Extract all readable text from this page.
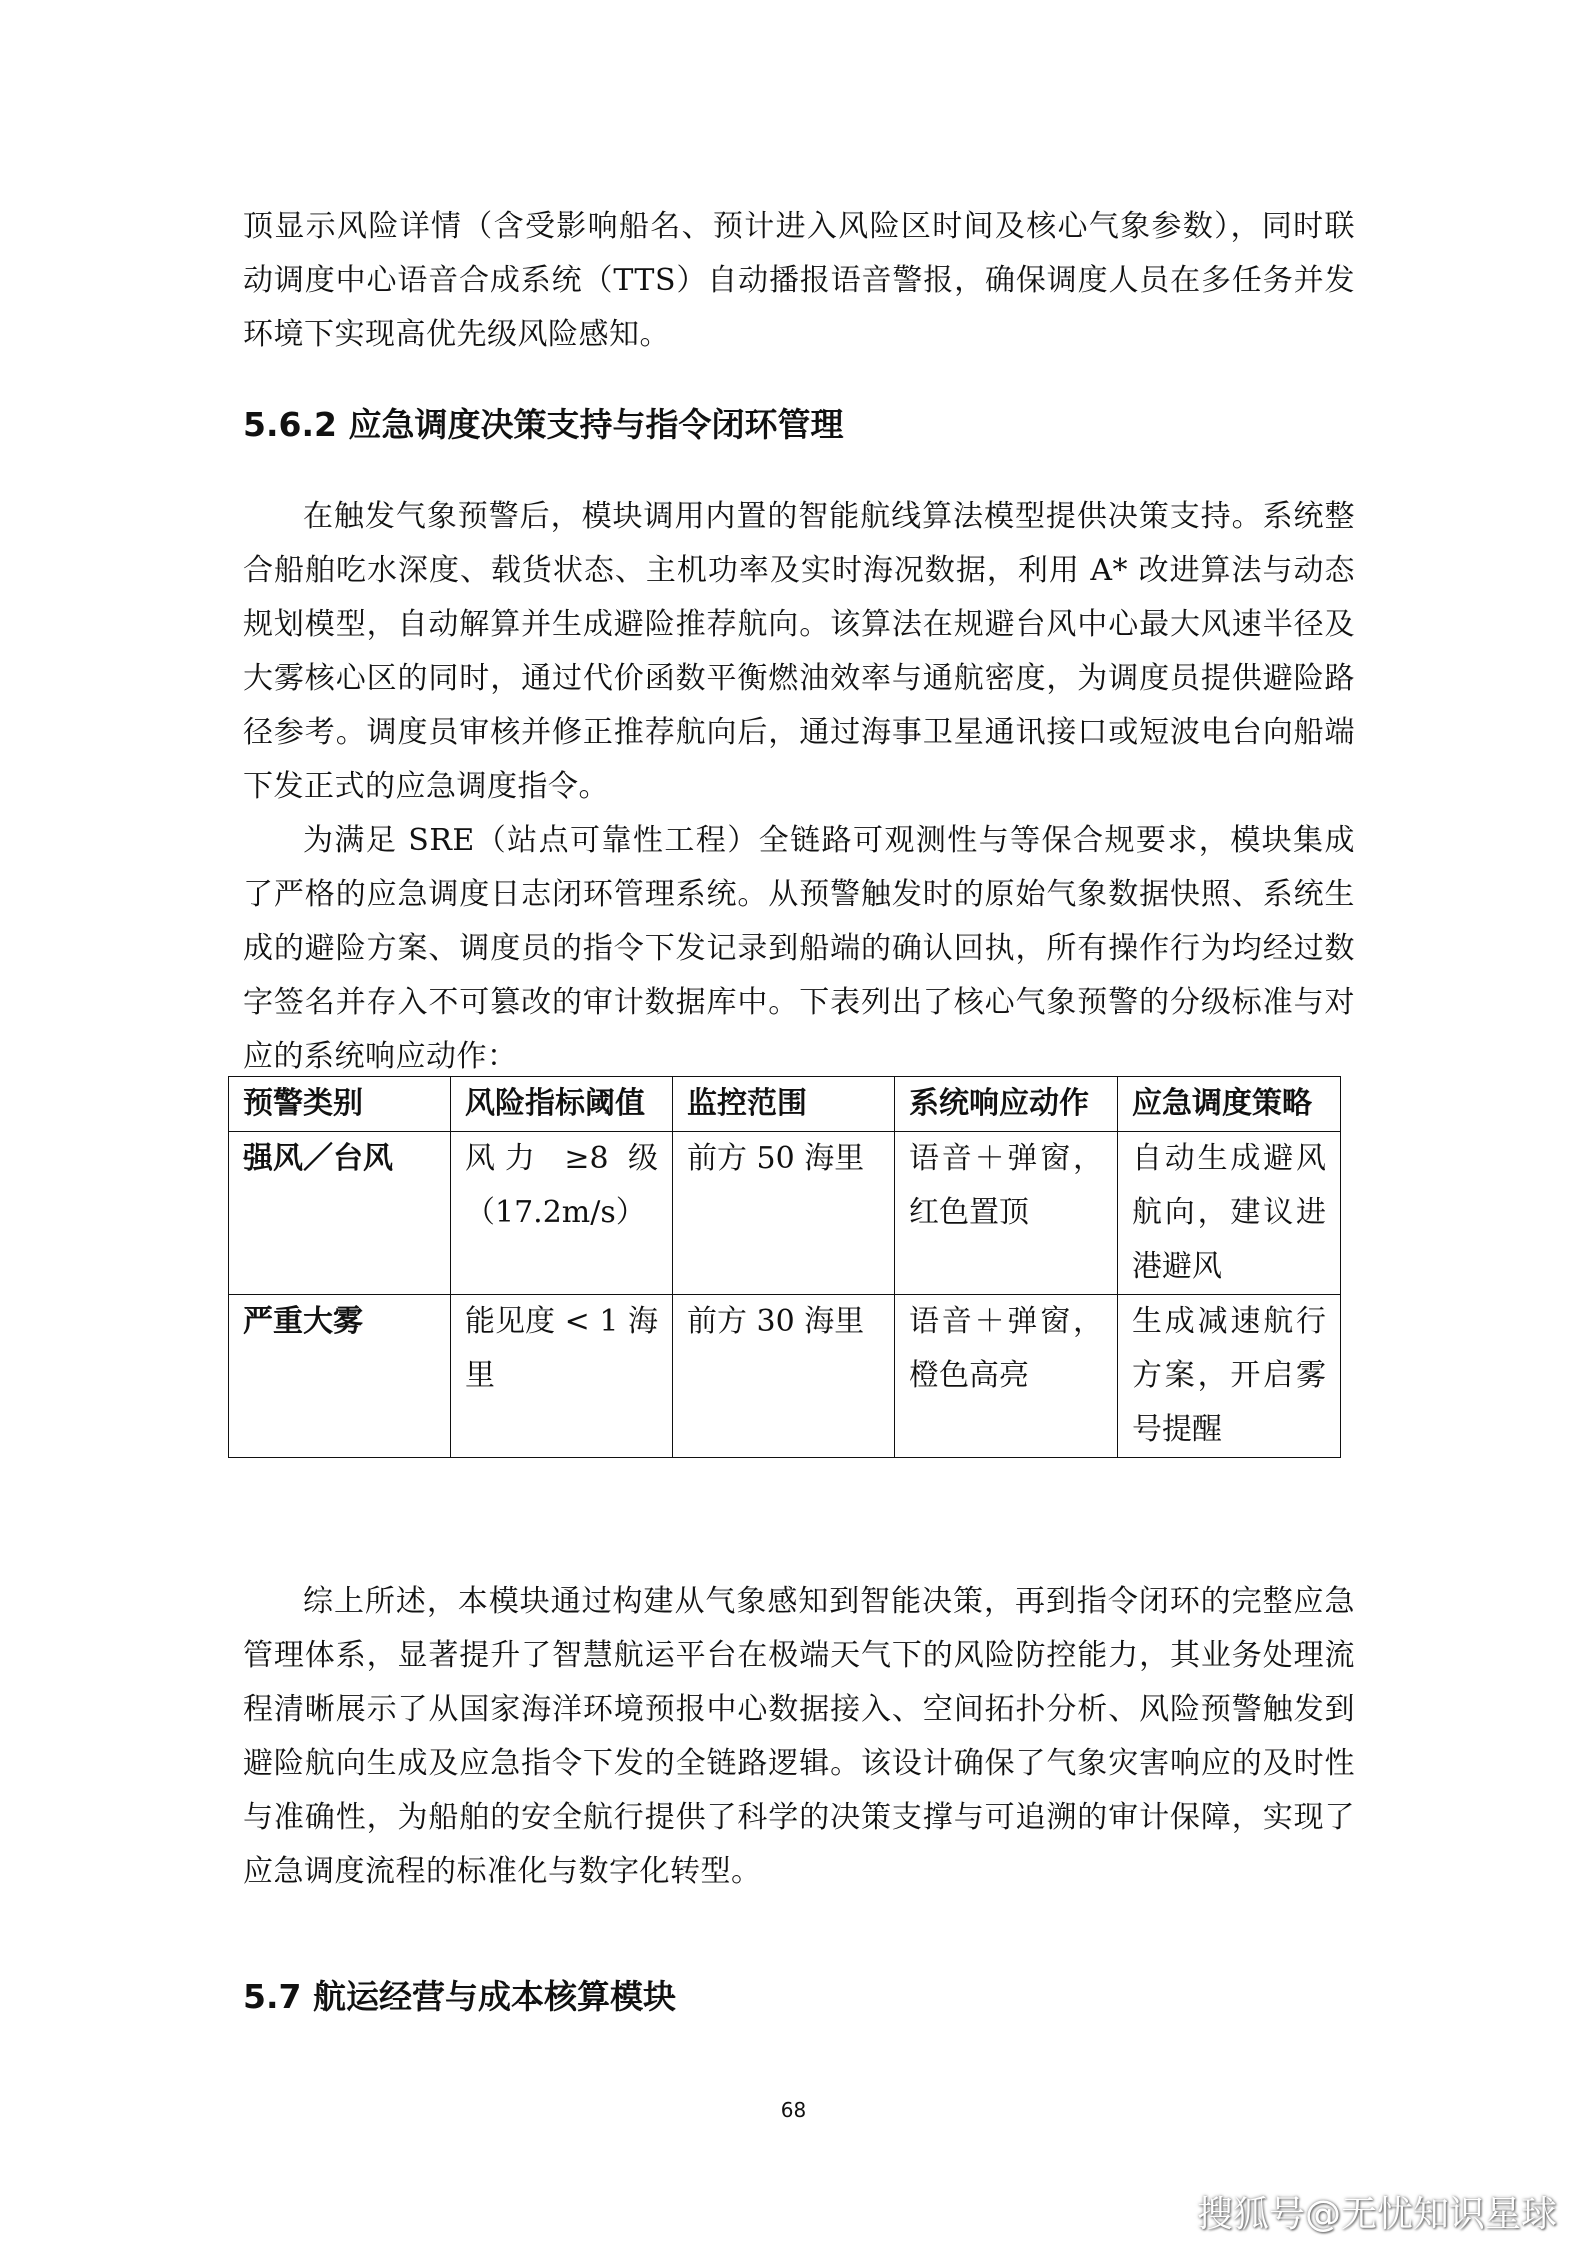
顶显示风险详情（含受影响船名、预计进入风险区时间及核心气象参数），同时联动调度中心语音合成系统（TTS）自动播报语音警报，确保调度人员在多任务并发环境下实现高优先级风险感知。

5.6.2 应急调度决策支持与指令闭环管理

在触发气象预警后，模块调用内置的智能航线算法模型提供决策支持。系统整合船舶吃水深度、载货状态、主机功率及实时海况数据，利用 A* 改进算法与动态规划模型，自动解算并生成避险推荐航向。该算法在规避台风中心最大风速半径及大雾核心区的同时，通过代价函数平衡燃油效率与通航密度，为调度员提供避险路径参考。调度员审核并修正推荐航向后，通过海事卫星通讯接口或短波电台向船端下发正式的应急调度指令。

为满足 SRE（站点可靠性工程）全链路可观测性与等保合规要求，模块集成了严格的应急调度日志闭环管理系统。从预警触发时的原始气象数据快照、系统生成的避险方案、调度员的指令下发记录到船端的确认回执，所有操作行为均经过数字签名并存入不可篡改的审计数据库中。下表列出了核心气象预警的分级标准与对应的系统响应动作：

预警类别	风险指标阈值	监控范围	系统响应动作	应急调度策略
强风／台风	风力 ≥8 级（17.2m/s）	前方 50 海里	语音＋弹窗，红色置顶	自动生成避风航向，建议进港避风
严重大雾	能见度 < 1 海里	前方 30 海里	语音＋弹窗，橙色高亮	生成减速航行方案，开启雾号提醒

综上所述，本模块通过构建从气象感知到智能决策，再到指令闭环的完整应急管理体系，显著提升了智慧航运平台在极端天气下的风险防控能力，其业务处理流程清晰展示了从国家海洋环境预报中心数据接入、空间拓扑分析、风险预警触发到避险航向生成及应急指令下发的全链路逻辑。该设计确保了气象灾害响应的及时性与准确性，为船舶的安全航行提供了科学的决策支撑与可追溯的审计保障，实现了应急调度流程的标准化与数字化转型。

5.7 航运经营与成本核算模块
68
搜狐号@无忧知识星球
